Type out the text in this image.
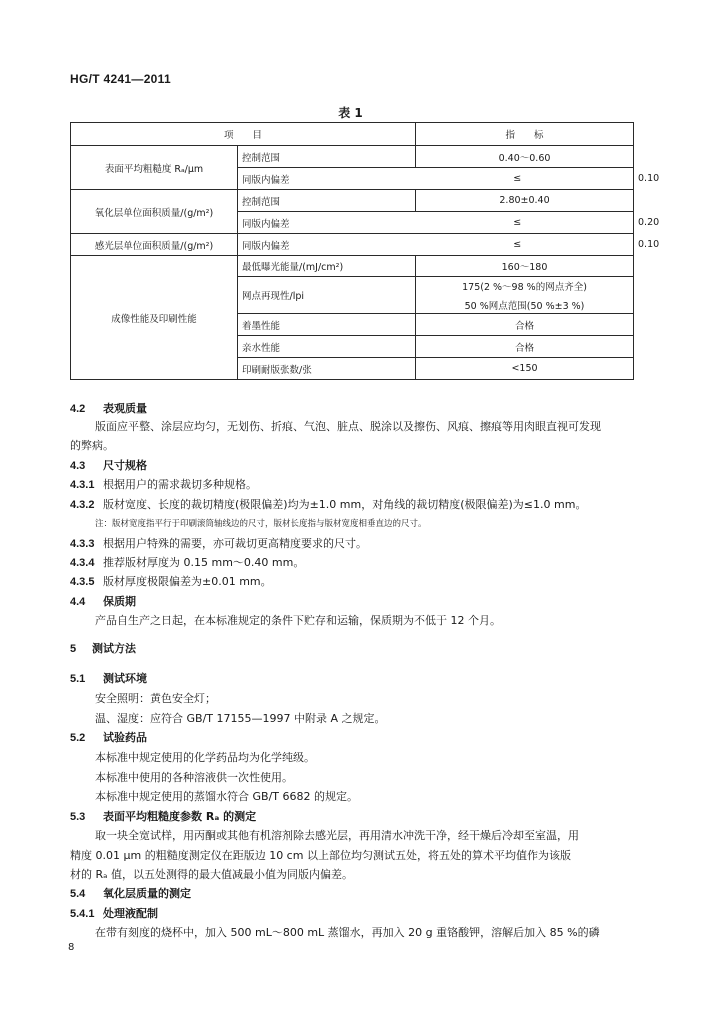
HG/T 4241—2011
表 1
项　　目			指　　标	
表面平均粗糙度 Rₐ/μm	控制范围		0.40～0.60	
	同版内偏差	≤		0.10
氧化层单位面积质量/(g/m²)	控制范围		2.80±0.40	
	同版内偏差	≤		0.20
感光层单位面积质量/(g/m²)	同版内偏差	≤		0.10
成像性能及印刷性能	最低曝光能量/(mJ/cm²)		160～180	
	网点再现性/lpi		175(2 %～98 %的网点齐全)
50 %网点范围(50 %±3 %)	

	着墨性能		合格	
	亲水性能		合格	
	印刷耐版张数/张		<150	
4.2 表观质量
版面应平整、涂层应均匀，无划伤、折痕、气泡、脏点、脱涂以及擦伤、风痕、擦痕等用肉眼直视可发现
的弊病。
4.3 尺寸规格
4.3.1 根据用户的需求裁切多种规格。
4.3.2 版材宽度、长度的裁切精度(极限偏差)均为±1.0 mm，对角线的裁切精度(极限偏差)为≤1.0 mm。
注：版材宽度指平行于印刷滚筒轴线边的尺寸，版材长度指与版材宽度相垂直边的尺寸。
4.3.3 根据用户特殊的需要，亦可裁切更高精度要求的尺寸。
4.3.4 推荐版材厚度为 0.15 mm～0.40 mm。
4.3.5 版材厚度极限偏差为±0.01 mm。
4.4 保质期
产品自生产之日起，在本标准规定的条件下贮存和运输，保质期为不低于 12 个月。
5 测试方法
5.1 测试环境
安全照明：黄色安全灯；
温、湿度：应符合 GB/T 17155—1997 中附录 A 之规定。
5.2 试验药品
本标准中规定使用的化学药品均为化学纯级。
本标准中使用的各种溶液供一次性使用。
本标准中规定使用的蒸馏水符合 GB/T 6682 的规定。
5.3 表面平均粗糙度参数 Rₐ 的测定
取一块全宽试样，用丙酮或其他有机溶剂除去感光层，再用清水冲洗干净，经干燥后冷却至室温，用
精度 0.01 μm 的粗糙度测定仪在距版边 10 cm 以上部位均匀测试五处，将五处的算术平均值作为该版
材的 Rₐ 值，以五处测得的最大值减最小值为同版内偏差。
5.4 氧化层质量的测定
5.4.1 处理液配制
在带有刻度的烧杯中，加入 500 mL～800 mL 蒸馏水，再加入 20 g 重铬酸钾，溶解后加入 85 %的磷
8
